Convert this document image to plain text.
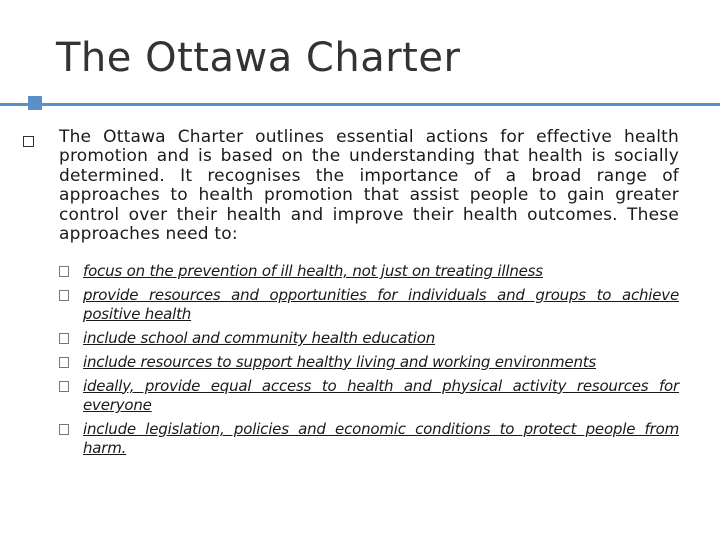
The Ottawa Charter
The Ottawa Charter outlines essential actions for effective health promotion and is based on the understanding that health is socially determined. It recognises the importance of a broad range of approaches to health promotion that assist people to gain greater control over their health and improve their health outcomes. These approaches need to:
focus on the prevention of ill health, not just on treating illness
provide resources and opportunities for individuals and groups to achieve positive health
include school and community health education
include resources to support healthy living and working environments
ideally, provide equal access to health and physical activity resources for everyone
include legislation, policies and economic conditions to protect people from harm.
